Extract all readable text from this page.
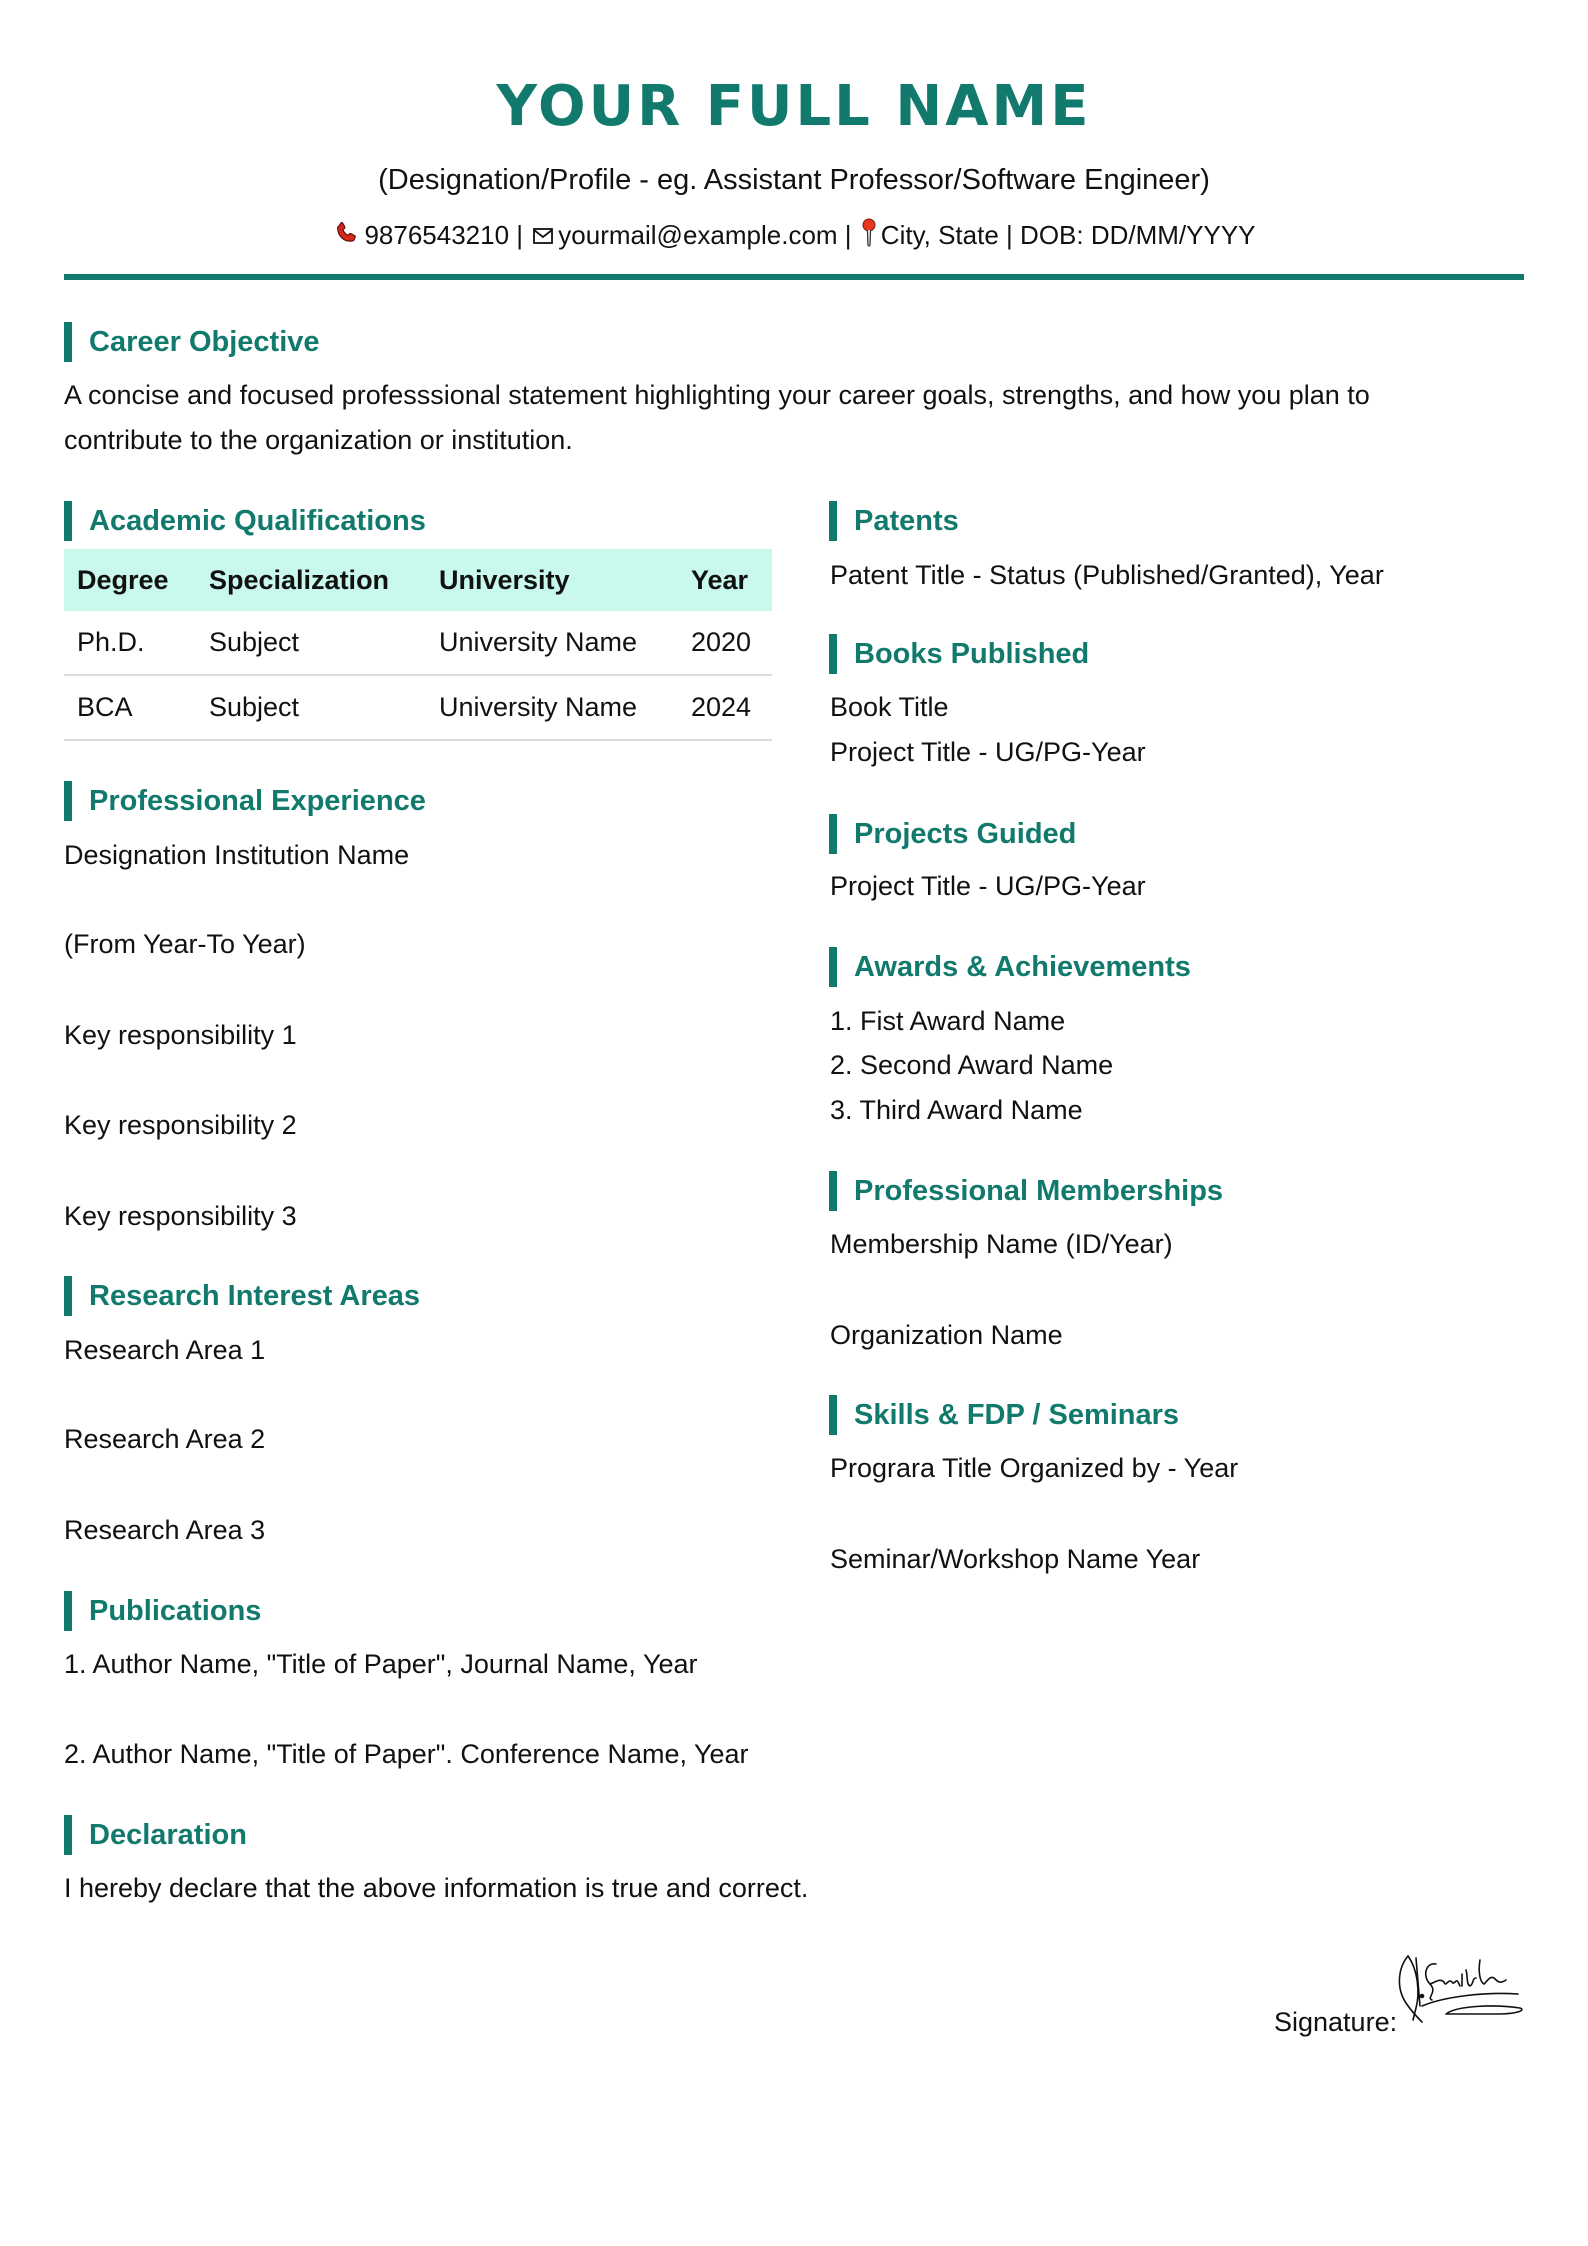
YOUR FULL NAME
(Designation/Profile - eg. Assistant Professor/Software Engineer)
9876543210 | yourmail@example.com | City, State | DOB: DD/MM/YYYY
Career Objective
A concise and focused professsional statement highlighting your career goals, strengths, and how you plan to
contribute to the organization or institution.
Academic Qualifications
Degree	Specialization	University	Year
Ph.D.	Subject	University Name	2020
BCA	Subject	University Name	2024
Professional Experience
Designation Institution Name
(From Year-To Year)
Key responsibility 1
Key responsibility 2
Key responsibility 3
Research Interest Areas
Research Area 1
Research Area 2
Research Area 3
Publications
1. Author Name, "Title of Paper", Journal Name, Year
2. Author Name, "Title of Paper". Conference Name, Year
Declaration
I hereby declare that the above information is true and correct.
Patents
Patent Title - Status (Published/Granted), Year
Books Published
Book Title
Project Title - UG/PG-Year
Projects Guided
Project Title - UG/PG-Year
Awards & Achievements
1. Fist Award Name
2. Second Award Name
3. Third Award Name
Professional Memberships
Membership Name (ID/Year)
Organization Name
Skills & FDP / Seminars
Prograra Title Organized by - Year
Seminar/Workshop Name Year
Signature:
